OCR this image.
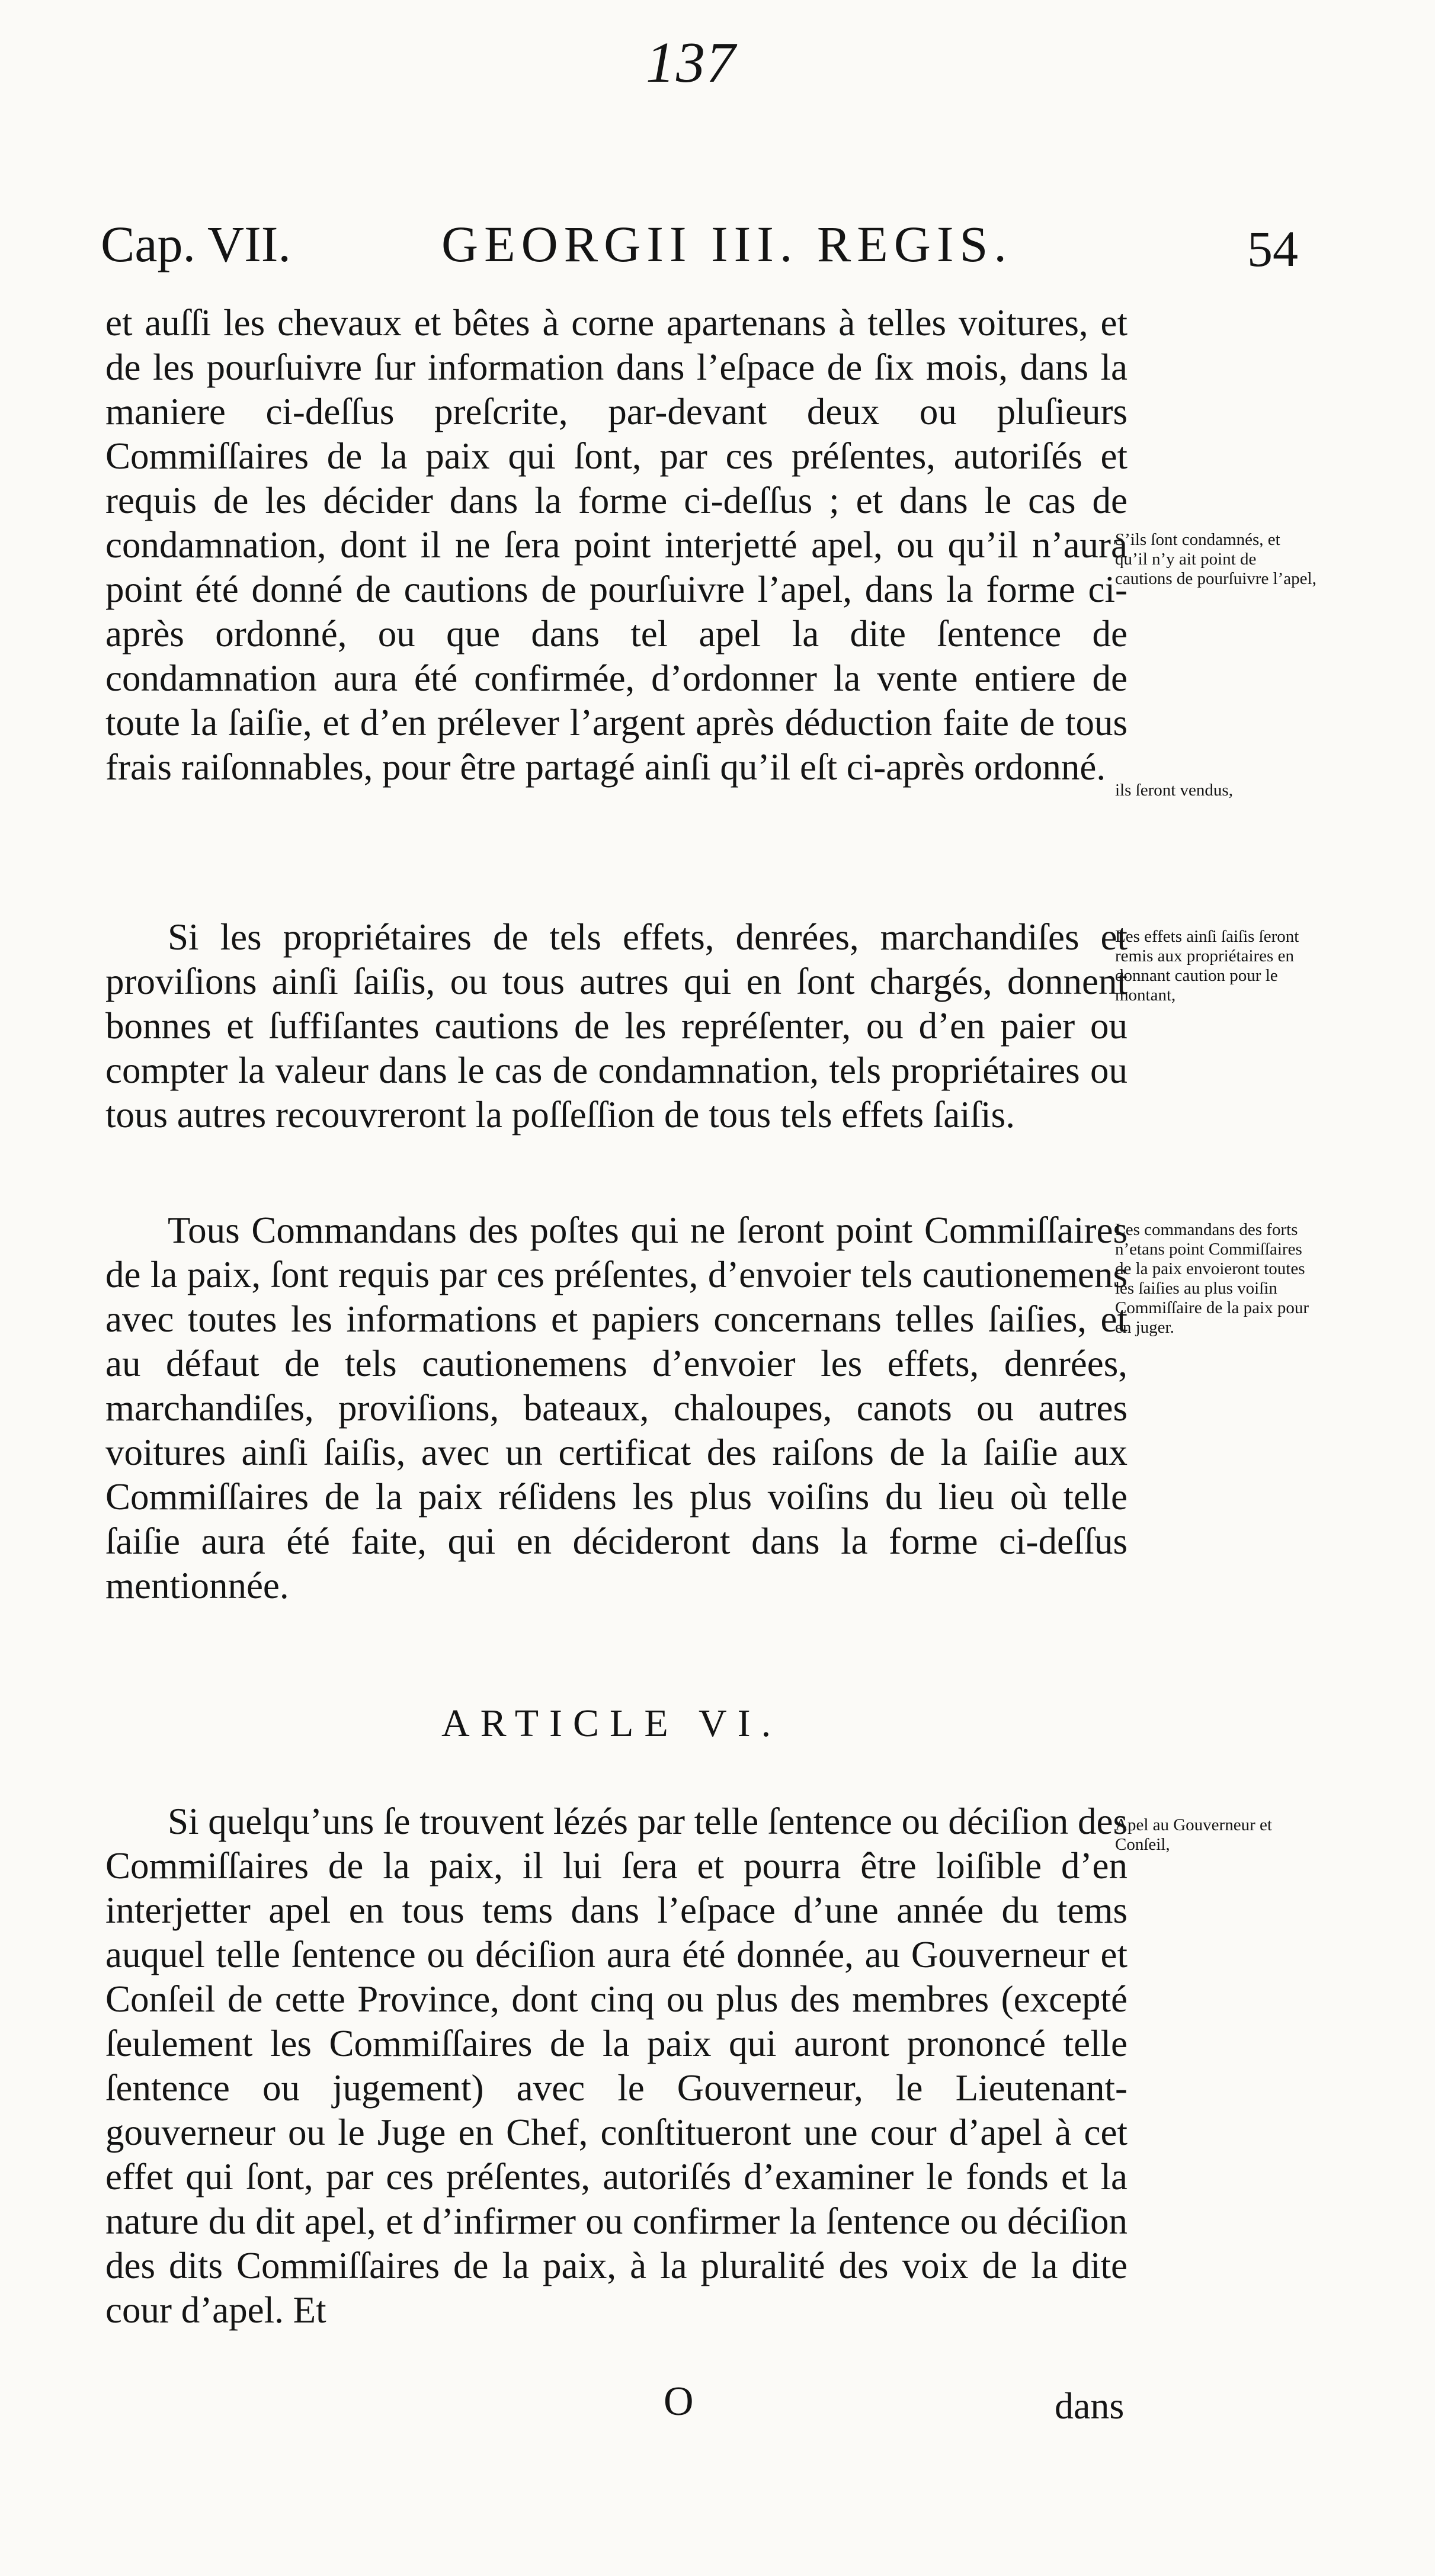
137
Cap. VII.	GEORGII III. REGIS.	54
et auſſi les chevaux et bêtes à corne apartenans à telles voitures, et de les pourſuivre ſur information dans l’eſpace de ſix mois, dans la maniere ci-deſſus preſcrite, par-devant deux ou pluſieurs Commiſſaires de la paix qui ſont, par ces préſentes, autoriſés et requis de les décider dans la forme ci-deſſus ; et dans le cas de condamnation, dont il ne ſera point interjetté apel, ou qu’il n’aura point été donné de cautions de pourſuivre l’apel, dans la forme ci-après ordonné, ou que dans tel apel la dite ſentence de condamnation aura été confirmée, d’ordonner la vente entiere de toute la ſaiſie, et d’en prélever l’argent après déduction faite de tous frais raiſonnables, pour être partagé ainſi qu’il eſt ci-après ordonné.
Si les propriétaires de tels effets, denrées, marchandiſes et proviſions ainſi ſaiſis, ou tous autres qui en ſont chargés, donnent bonnes et ſuffiſantes cautions de les repréſenter, ou d’en paier ou compter la valeur dans le cas de condamnation, tels propriétaires ou tous autres recouvreront la poſſeſſion de tous tels effets ſaiſis.
Tous Commandans des poſtes qui ne ſeront point Commiſſaires de la paix, ſont requis par ces préſentes, d’envoier tels cautionemens avec toutes les informations et papiers concernans telles ſaiſies, et au défaut de tels cautionemens d’envoier les effets, denrées, marchandiſes, proviſions, bateaux, chaloupes, canots ou autres voitures ainſi ſaiſis, avec un certificat des raiſons de la ſaiſie aux Commiſſaires de la paix réſidens les plus voiſins du lieu où telle ſaiſie aura été faite, qui en décideront dans la forme ci-deſſus mentionnée.
ARTICLE VI.
Si quelqu’uns ſe trouvent lézés par telle ſentence ou déciſion des Commiſſaires de la paix, il lui ſera et pourra être loiſible d’en interjetter apel en tous tems dans l’eſpace d’une année du tems auquel telle ſentence ou déciſion aura été donnée, au Gouverneur et Conſeil de cette Province, dont cinq ou plus des membres (excepté ſeulement les Commiſſaires de la paix qui auront prononcé telle ſentence ou jugement) avec le Gouverneur, le Lieutenant-gouverneur ou le Juge en Chef, conſtitueront une cour d’apel à cet effet qui ſont, par ces préſentes, autoriſés d’examiner le fonds et la nature du dit apel, et d’infirmer ou confirmer la ſentence ou déciſion des dits Commiſſaires de la paix, à la pluralité des voix de la dite cour d’apel. Et
S’ils ſont condamnés, et qu’il n’y ait point de cautions de pourſuivre l’apel,
ils ſeront vendus,
Les effets ainſi ſaiſis ſeront remis aux propriétaires en donnant caution pour le montant,
Les commandans des forts n’etans point Commiſſaires de la paix envoieront toutes les ſaiſies au plus voiſin Commiſſaire de la paix pour en juger.
Apel au Gouverneur et Conſeil,
O	dans
